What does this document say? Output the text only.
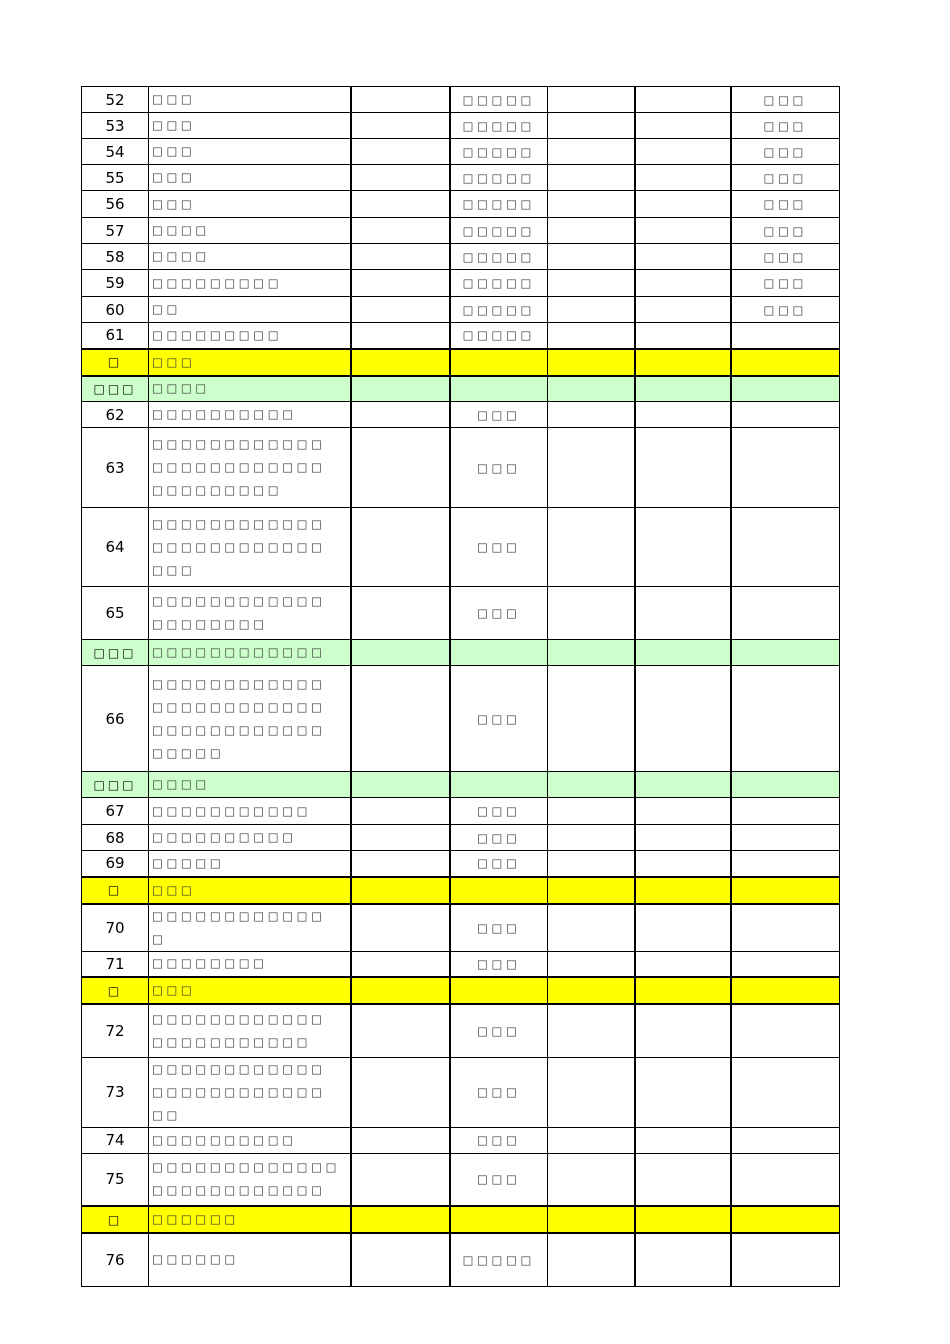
52	□□□		□□□□□			□□□
53	□□□		□□□□□			□□□
54	□□□		□□□□□			□□□
55	□□□		□□□□□			□□□
56	□□□		□□□□□			□□□
57	□□□□		□□□□□			□□□
58	□□□□		□□□□□			□□□
59	□□□□□□□□□		□□□□□			□□□
60	□□		□□□□□			□□□
61	□□□□□□□□□		□□□□□			
□	□□□					
□□□	□□□□					
62	□□□□□□□□□□		□□□			
63	□□□□□□□□□□□□
□□□□□□□□□□□□
□□□□□□□□□		□□□			
64	□□□□□□□□□□□□
□□□□□□□□□□□□
□□□		□□□			
65	□□□□□□□□□□□□
□□□□□□□□		□□□			
□□□	□□□□□□□□□□□□					
66	□□□□□□□□□□□□
□□□□□□□□□□□□
□□□□□□□□□□□□
□□□□□		□□□			
□□□	□□□□					
67	□□□□□□□□□□□		□□□			
68	□□□□□□□□□□		□□□			
69	□□□□□		□□□			
□	□□□					
70	□□□□□□□□□□□□
□		□□□			
71	□□□□□□□□		□□□			
□	□□□					
72	□□□□□□□□□□□□
□□□□□□□□□□□		□□□			
73	□□□□□□□□□□□□
□□□□□□□□□□□□
□□		□□□			
74	□□□□□□□□□□		□□□			
75	□□□□□□□□□□□□□
□□□□□□□□□□□□		□□□			
□	□□□□□□					
76	□□□□□□		□□□□□			
